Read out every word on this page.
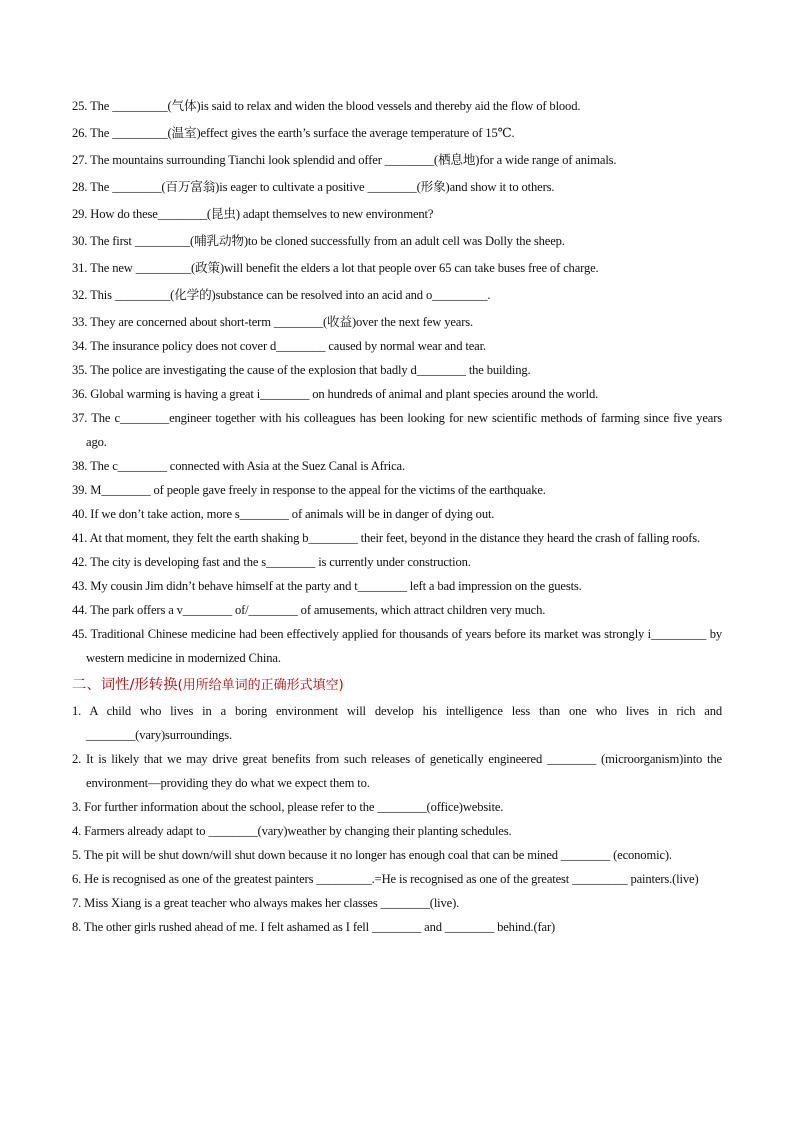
25. The _________(气体)is said to relax and widen the blood vessels and thereby aid the flow of blood.

26. The _________(温室)effect gives the earth’s surface the average temperature of 15℃.

27. The mountains surrounding Tianchi look splendid and offer ________(栖息地)for a wide range of animals.

28. The ________(百万富翁)is eager to cultivate a positive ________(形象)and show it to others.

29. How do these________(昆虫) adapt themselves to new environment?

30. The first _________(哺乳动物)to be cloned successfully from an adult cell was Dolly the sheep.

31. The new _________(政策)will benefit the elders a lot that people over 65 can take buses free of charge.

32. This _________(化学的)substance can be resolved into an acid and o_________.

33. They are concerned about short-term ________(收益)over the next few years.

34. The insurance policy does not cover d________ caused by normal wear and tear.

35. The police are investigating the cause of the explosion that badly d________ the building.

36. Global warming is having a great i________ on hundreds of animal and plant species around the world.

37. The c________engineer together with his colleagues has been looking for new scientific methods of farming since five years ago.

38. The c________ connected with Asia at the Suez Canal is Africa.

39. M________ of people gave freely in response to the appeal for the victims of the earthquake.

40. If we don’t take action, more s________ of animals will be in danger of dying out.

41. At that moment, they felt the earth shaking b________ their feet, beyond in the distance they heard the crash of falling roofs.

42. The city is developing fast and the s________ is currently under construction.

43. My cousin Jim didn’t behave himself at the party and t________ left a bad impression on the guests.

44. The park offers a v________ of/________ of amusements, which attract children very much.

45. Traditional Chinese medicine had been effectively applied for thousands of years before its market was strongly i_________ by western medicine in modernized China.

二、词性/形转换(用所给单词的正确形式填空)

1. A child who lives in a boring environment will develop his intelligence less than one who lives in rich and ________(vary)surroundings.

2. It is likely that we may drive great benefits from such releases of genetically engineered ________ (microorganism)into the environment—providing they do what we expect them to.

3. For further information about the school, please refer to the ________(office)website.

4. Farmers already adapt to ________(vary)weather by changing their planting schedules.

5. The pit will be shut down/will shut down because it no longer has enough coal that can be mined ________ (economic).

6. He is recognised as one of the greatest painters _________.=He is recognised as one of the greatest _________ painters.(live)

7. Miss Xiang is a great teacher who always makes her classes ________(live).

8. The other girls rushed ahead of me. I felt ashamed as I fell ________ and ________ behind.(far)
